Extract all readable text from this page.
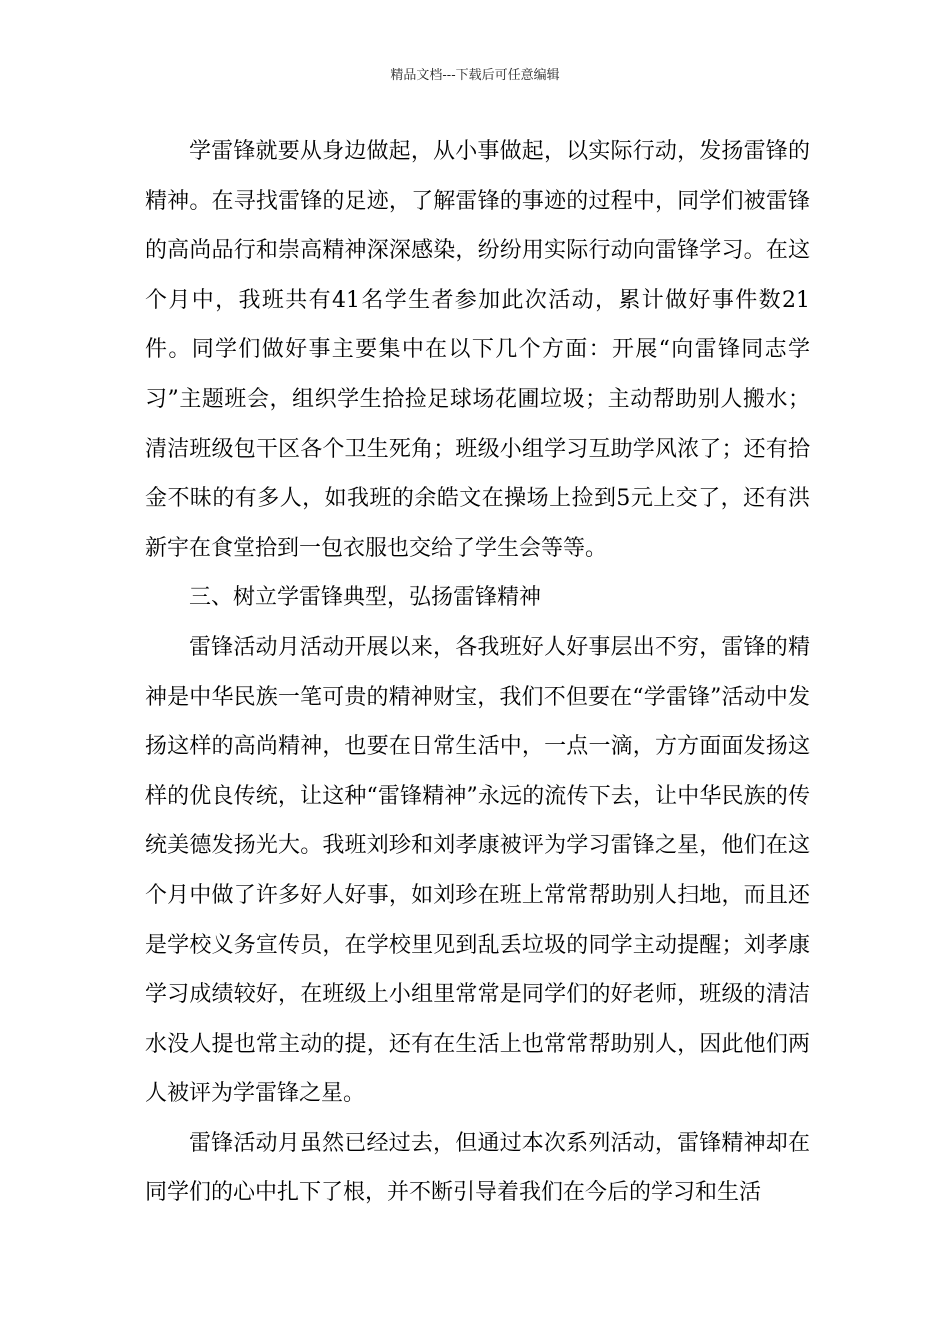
精品文档---下载后可任意编辑

学雷锋就要从身边做起，从小事做起，以实际行动，发扬雷锋的精神。在寻找雷锋的足迹，了解雷锋的事迹的过程中，同学们被雷锋的高尚品行和崇高精神深深感染，纷纷用实际行动向雷锋学习。在这个月中，我班共有41名学生者参加此次活动，累计做好事件数21件。同学们做好事主要集中在以下几个方面：开展“向雷锋同志学习”主题班会，组织学生拾捡足球场花圃垃圾；主动帮助别人搬水；清洁班级包干区各个卫生死角；班级小组学习互助学风浓了；还有拾金不昧的有多人，如我班的余皓文在操场上捡到5元上交了，还有洪新宇在食堂拾到一包衣服也交给了学生会等等。

三、树立学雷锋典型，弘扬雷锋精神

雷锋活动月活动开展以来，各我班好人好事层出不穷，雷锋的精神是中华民族一笔可贵的精神财宝，我们不但要在“学雷锋”活动中发扬这样的高尚精神，也要在日常生活中，一点一滴，方方面面发扬这样的优良传统，让这种“雷锋精神”永远的流传下去，让中华民族的传统美德发扬光大。我班刘珍和刘孝康被评为学习雷锋之星，他们在这个月中做了许多好人好事，如刘珍在班上常常帮助别人扫地，而且还是学校义务宣传员，在学校里见到乱丢垃圾的同学主动提醒；刘孝康学习成绩较好，在班级上小组里常常是同学们的好老师，班级的清洁水没人提也常主动的提，还有在生活上也常常帮助别人，因此他们两人被评为学雷锋之星。

雷锋活动月虽然已经过去，但通过本次系列活动，雷锋精神却在同学们的心中扎下了根，并不断引导着我们在今后的学习和生活
